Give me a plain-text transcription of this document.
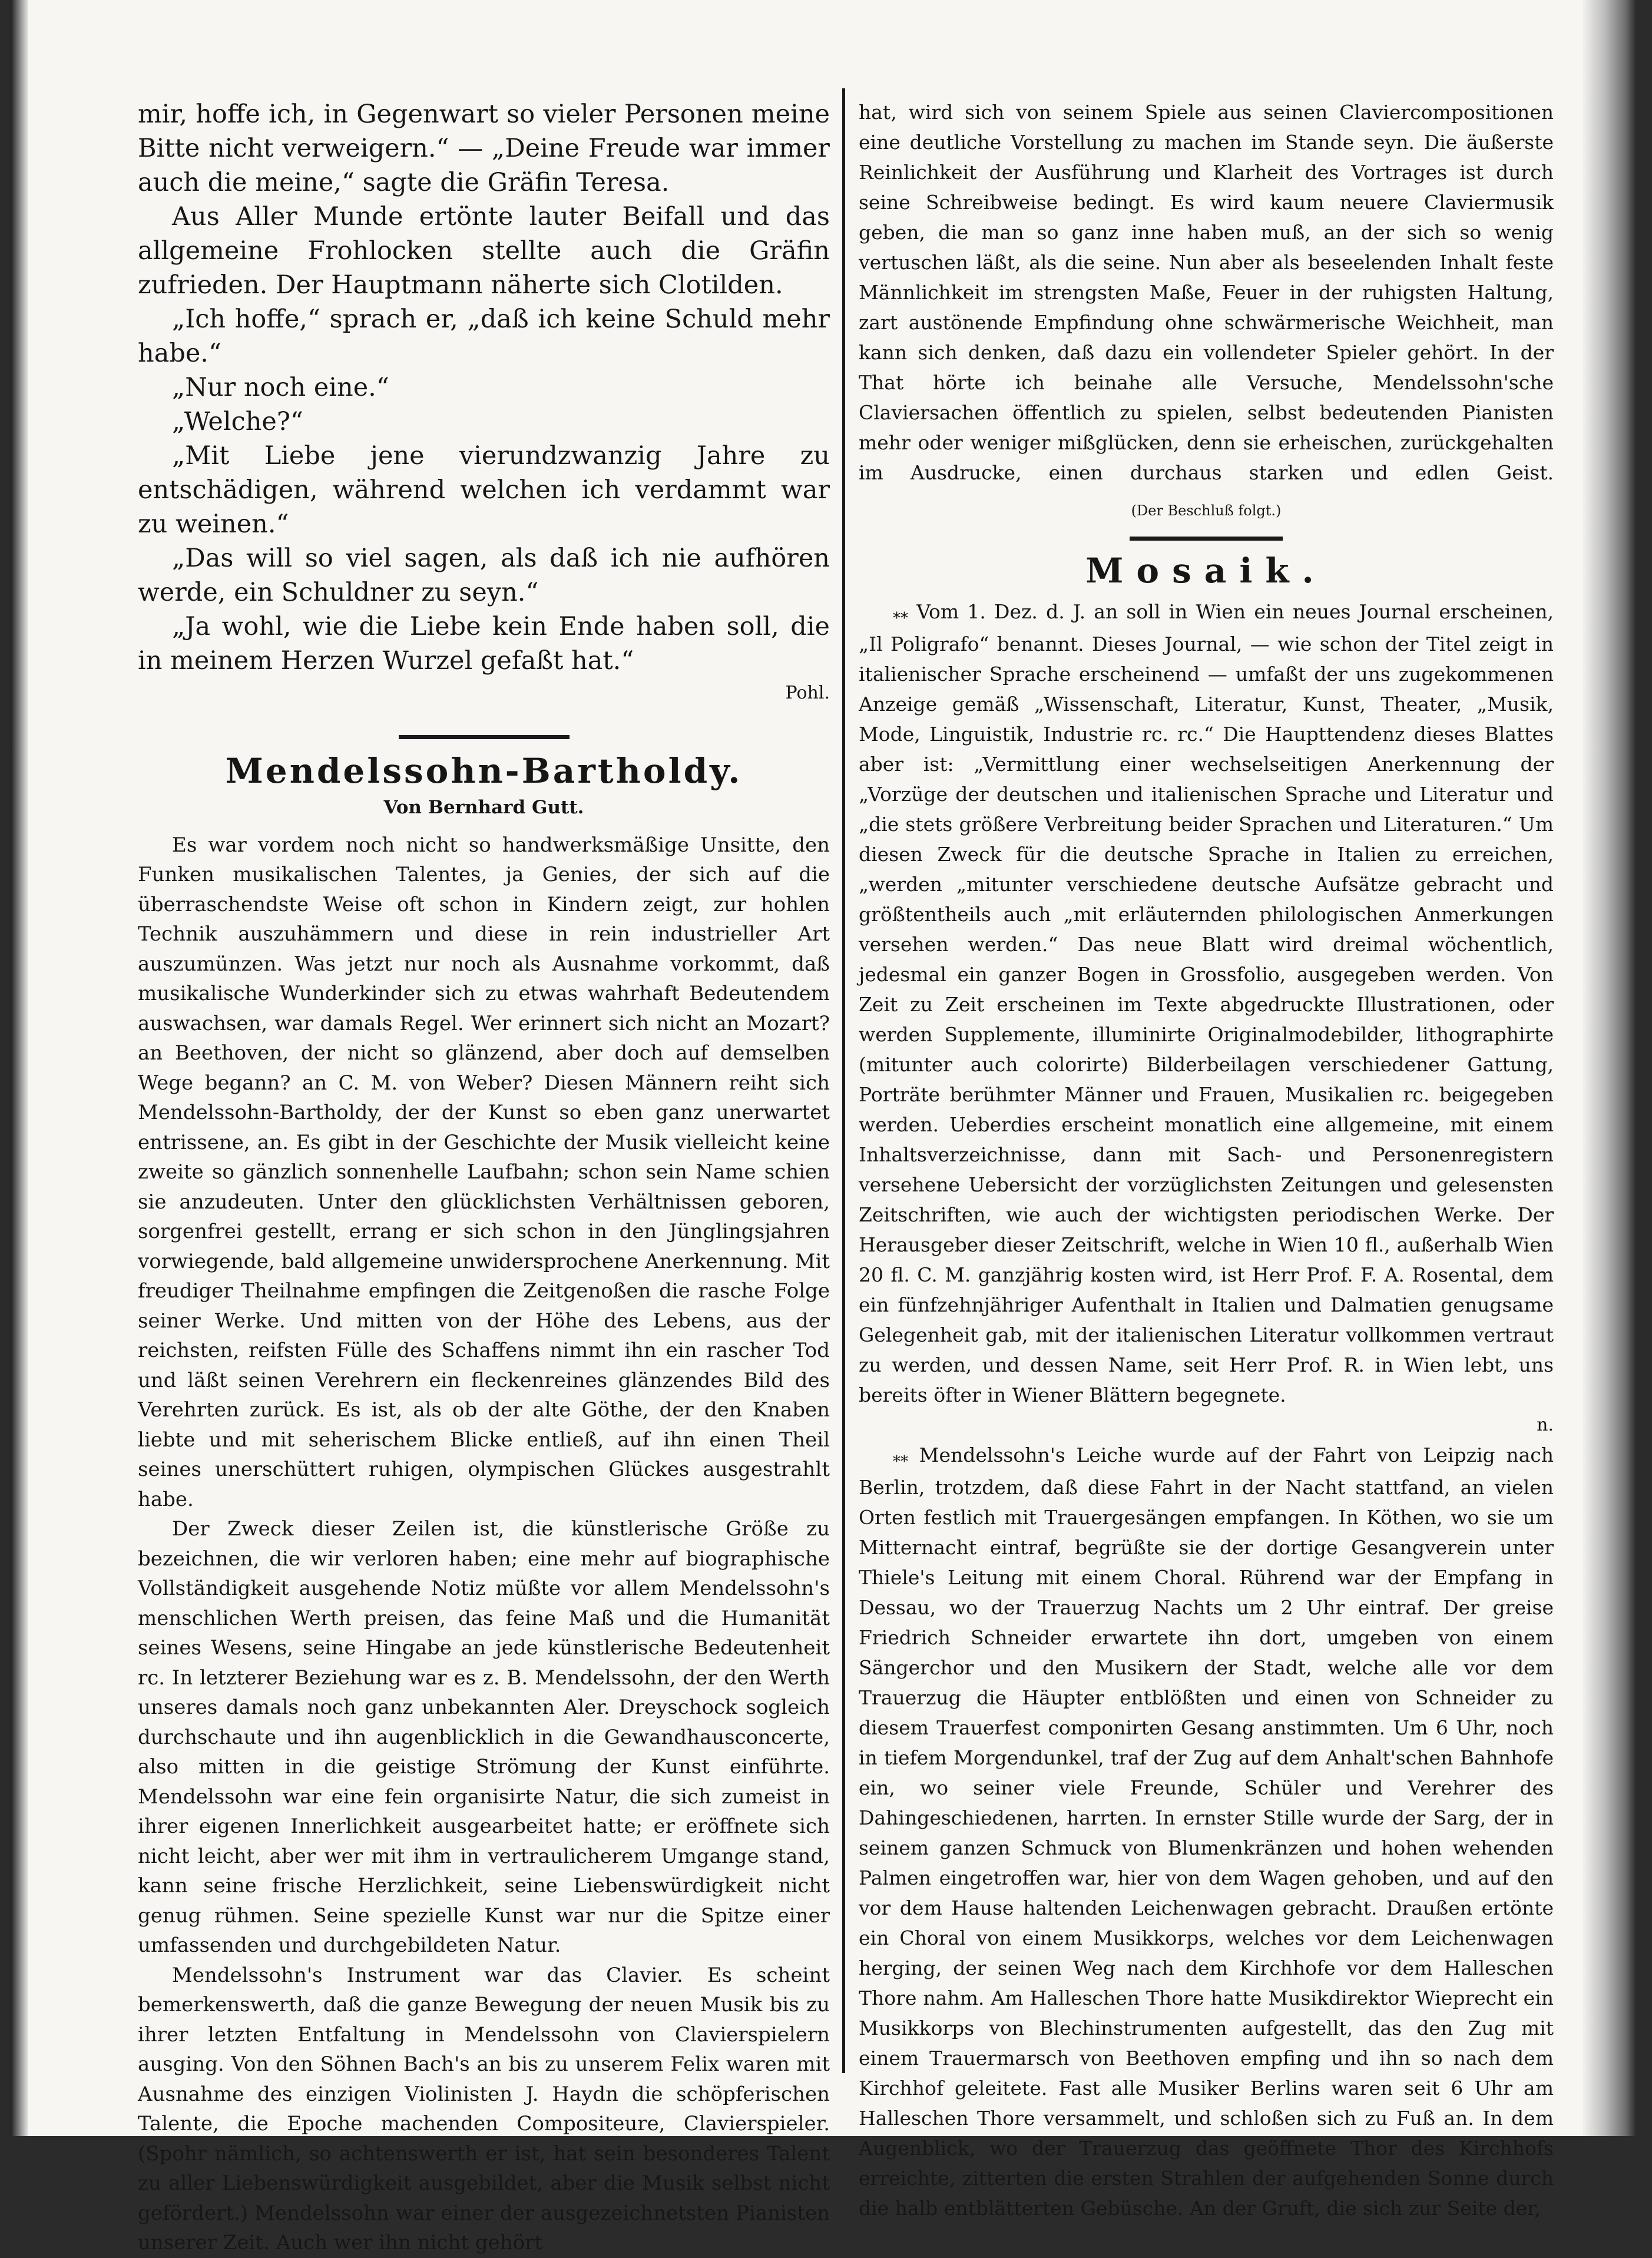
mir, hoffe ich, in Gegenwart so vieler Personen meine Bitte nicht verweigern.“ — „Deine Freude war immer auch die meine,“ sagte die Gräfin Teresa.

Aus Aller Munde ertönte lauter Beifall und das allgemeine Frohlocken stellte auch die Gräfin zufrieden. Der Hauptmann näherte sich Clotilden.

„Ich hoffe,“ sprach er, „daß ich keine Schuld mehr habe.“

„Nur noch eine.“

„Welche?“

„Mit Liebe jene vierundzwanzig Jahre zu entschädigen, während welchen ich verdammt war zu weinen.“

„Das will so viel sagen, als daß ich nie aufhören werde, ein Schuldner zu seyn.“

„Ja wohl, wie die Liebe kein Ende haben soll, die in meinem Herzen Wurzel gefaßt hat.“

Pohl.

Mendelssohn-Bartholdy.
Von Bernhard Gutt.

Es war vordem noch nicht so handwerksmäßige Unsitte, den Funken musikalischen Talentes, ja Genies, der sich auf die überraschendste Weise oft schon in Kindern zeigt, zur hohlen Technik auszuhämmern und diese in rein industrieller Art auszumünzen. Was jetzt nur noch als Ausnahme vorkommt, daß musikalische Wunderkinder sich zu etwas wahrhaft Bedeutendem auswachsen, war damals Regel. Wer erinnert sich nicht an Mozart? an Beethoven, der nicht so glänzend, aber doch auf demselben Wege begann? an C. M. von Weber? Diesen Männern reiht sich Mendelssohn-Bartholdy, der der Kunst so eben ganz unerwartet entrissene, an. Es gibt in der Geschichte der Musik vielleicht keine zweite so gänzlich sonnenhelle Laufbahn; schon sein Name schien sie anzudeuten. Unter den glücklichsten Verhältnissen geboren, sorgenfrei gestellt, errang er sich schon in den Jünglingsjahren vorwiegende, bald allgemeine unwidersprochene Anerkennung. Mit freudiger Theilnahme empfingen die Zeitgenoßen die rasche Folge seiner Werke. Und mitten von der Höhe des Lebens, aus der reichsten, reifsten Fülle des Schaffens nimmt ihn ein rascher Tod und läßt seinen Verehrern ein fleckenreines glänzendes Bild des Verehrten zurück. Es ist, als ob der alte Göthe, der den Knaben liebte und mit seherischem Blicke entließ, auf ihn einen Theil seines unerschüttert ruhigen, olympischen Glückes ausgestrahlt habe.

Der Zweck dieser Zeilen ist, die künstlerische Größe zu bezeichnen, die wir verloren haben; eine mehr auf biographische Vollständigkeit ausgehende Notiz müßte vor allem Mendelssohn's menschlichen Werth preisen, das feine Maß und die Humanität seines Wesens, seine Hingabe an jede künstlerische Bedeutenheit rc. In letzterer Beziehung war es z. B. Mendelssohn, der den Werth unseres damals noch ganz unbekannten Aler. Dreyschock sogleich durchschaute und ihn augenblicklich in die Gewandhausconcerte, also mitten in die geistige Strömung der Kunst einführte. Mendelssohn war eine fein organisirte Natur, die sich zumeist in ihrer eigenen Innerlichkeit ausgearbeitet hatte; er eröffnete sich nicht leicht, aber wer mit ihm in vertraulicherem Umgange stand, kann seine frische Herzlichkeit, seine Liebenswürdigkeit nicht genug rühmen. Seine spezielle Kunst war nur die Spitze einer umfassenden und durchgebildeten Natur.

Mendelssohn's Instrument war das Clavier. Es scheint bemerkenswerth, daß die ganze Bewegung der neuen Musik bis zu ihrer letzten Entfaltung in Mendelssohn von Clavierspielern ausging. Von den Söhnen Bach's an bis zu unserem Felix waren mit Ausnahme des einzigen Violinisten J. Haydn die schöpferischen Talente, die Epoche machenden Compositeure, Clavierspieler. (Spohr nämlich, so achtenswerth er ist, hat sein besonderes Talent zu aller Liebenswürdigkeit ausgebildet, aber die Musik selbst nicht gefördert.) Mendelssohn war einer der ausgezeichnetsten Pianisten unserer Zeit. Auch wer ihn nicht gehört

hat, wird sich von seinem Spiele aus seinen Claviercompositionen eine deutliche Vorstellung zu machen im Stande seyn. Die äußerste Reinlichkeit der Ausführung und Klarheit des Vortrages ist durch seine Schreibweise bedingt. Es wird kaum neuere Claviermusik geben, die man so ganz inne haben muß, an der sich so wenig vertuschen läßt, als die seine. Nun aber als beseelenden Inhalt feste Männlichkeit im strengsten Maße, Feuer in der ruhigsten Haltung, zart austönende Empfindung ohne schwärmerische Weichheit, man kann sich denken, daß dazu ein vollendeter Spieler gehört. In der That hörte ich beinahe alle Versuche, Mendelssohn'sche Claviersachen öffentlich zu spielen, selbst bedeutenden Pianisten mehr oder weniger mißglücken, denn sie erheischen, zurückgehalten im Ausdrucke, einen durchaus starken und edlen Geist.

(Der Beschluß folgt.)
Mosaik.

⁎⁎ Vom 1. Dez. d. J. an soll in Wien ein neues Journal erscheinen, „Il Poligrafo“ benannt. Dieses Journal, — wie schon der Titel zeigt in italienischer Sprache erscheinend — umfaßt der uns zugekommenen Anzeige gemäß „Wissenschaft, Literatur, Kunst, Theater, „Musik, Mode, Linguistik, Industrie rc. rc.“ Die Haupttendenz dieses Blattes aber ist: „Vermittlung einer wechselseitigen Anerkennung der „Vorzüge der deutschen und italienischen Sprache und Literatur und „die stets größere Verbreitung beider Sprachen und Literaturen.“ Um diesen Zweck für die deutsche Sprache in Italien zu erreichen, „werden „mitunter verschiedene deutsche Aufsätze gebracht und größtentheils auch „mit erläuternden philologischen Anmerkungen versehen werden.“ Das neue Blatt wird dreimal wöchentlich, jedesmal ein ganzer Bogen in Grossfolio, ausgegeben werden. Von Zeit zu Zeit erscheinen im Texte abgedruckte Illustrationen, oder werden Supplemente, illuminirte Originalmodebilder, lithographirte (mitunter auch colorirte) Bilderbeilagen verschiedener Gattung, Porträte berühmter Männer und Frauen, Musikalien rc. beigegeben werden. Ueberdies erscheint monatlich eine allgemeine, mit einem Inhaltsverzeichnisse, dann mit Sach- und Personenregistern versehene Uebersicht der vorzüglichsten Zeitungen und gelesensten Zeitschriften, wie auch der wichtigsten periodischen Werke. Der Herausgeber dieser Zeitschrift, welche in Wien 10 fl., außerhalb Wien 20 fl. C. M. ganzjährig kosten wird, ist Herr Prof. F. A. Rosental, dem ein fünfzehnjähriger Aufenthalt in Italien und Dalmatien genugsame Gelegenheit gab, mit der italienischen Literatur vollkommen vertraut zu werden, und dessen Name, seit Herr Prof. R. in Wien lebt, uns bereits öfter in Wiener Blättern begegnete.

n.

⁎⁎ Mendelssohn's Leiche wurde auf der Fahrt von Leipzig nach Berlin, trotzdem, daß diese Fahrt in der Nacht stattfand, an vielen Orten festlich mit Trauergesängen empfangen. In Köthen, wo sie um Mitternacht eintraf, begrüßte sie der dortige Gesangverein unter Thiele's Leitung mit einem Choral. Rührend war der Empfang in Dessau, wo der Trauerzug Nachts um 2 Uhr eintraf. Der greise Friedrich Schneider erwartete ihn dort, umgeben von einem Sängerchor und den Musikern der Stadt, welche alle vor dem Trauerzug die Häupter entblößten und einen von Schneider zu diesem Trauerfest componirten Gesang anstimmten. Um 6 Uhr, noch in tiefem Morgendunkel, traf der Zug auf dem Anhalt'schen Bahnhofe ein, wo seiner viele Freunde, Schüler und Verehrer des Dahingeschiedenen, harrten. In ernster Stille wurde der Sarg, der in seinem ganzen Schmuck von Blumenkränzen und hohen wehenden Palmen eingetroffen war, hier von dem Wagen gehoben, und auf den vor dem Hause haltenden Leichenwagen gebracht. Draußen ertönte ein Choral von einem Musikkorps, welches vor dem Leichenwagen herging, der seinen Weg nach dem Kirchhofe vor dem Halleschen Thore nahm. Am Halleschen Thore hatte Musikdirektor Wieprecht ein Musikkorps von Blechinstrumenten aufgestellt, das den Zug mit einem Trauermarsch von Beethoven empfing und ihn so nach dem Kirchhof geleitete. Fast alle Musiker Berlins waren seit 6 Uhr am Halleschen Thore versammelt, und schloßen sich zu Fuß an. In dem Augenblick, wo der Trauerzug das geöffnete Thor des Kirchhofs erreichte, zitterten die ersten Strahlen der aufgehenden Sonne durch die halb entblätterten Gebüsche. An der Gruft, die sich zur Seite der,
